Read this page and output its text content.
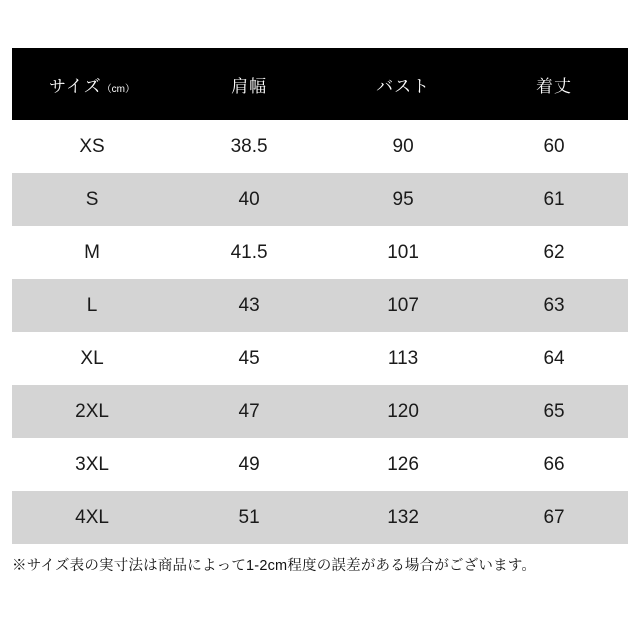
サイズ（cm）	肩幅	バスト	着丈
XS	38.5	90	60
S	40	95	61
M	41.5	101	62
L	43	107	63
XL	45	113	64
2XL	47	120	65
3XL	49	126	66
4XL	51	132	67
※サイズ表の実寸法は商品によって1-2cm程度の誤差がある場合がございます。
